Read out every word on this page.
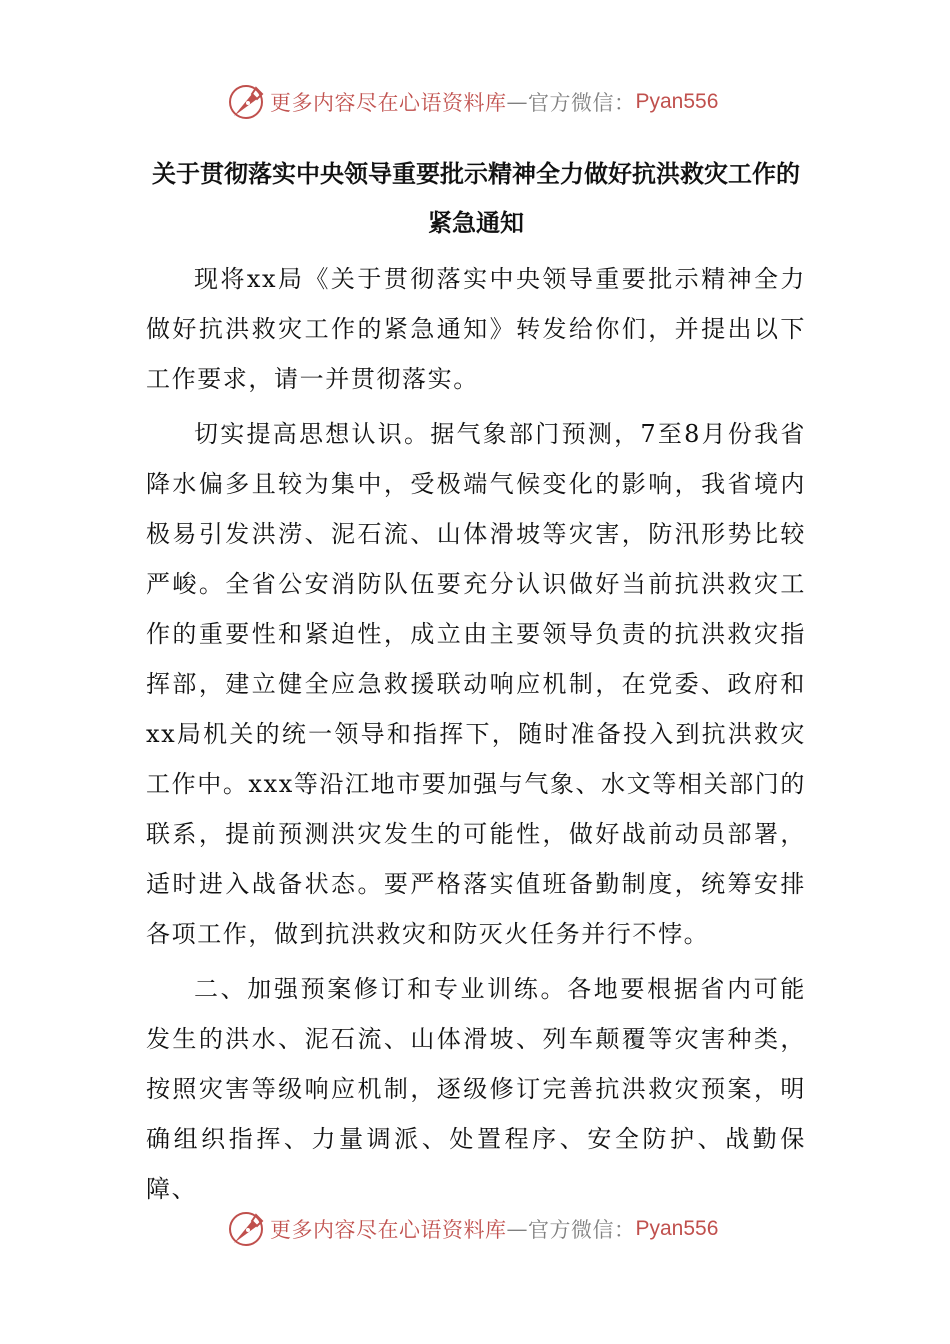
更多内容尽在心语资料库 — 官方微信： Pyan556
关于贯彻落实中央领导重要批示精神全力做好抗洪救灾工作的紧急通知

现将xx局《关于贯彻落实中央领导重要批示精神全力做好抗洪救灾工作的紧急通知》转发给你们，并提出以下工作要求，请一并贯彻落实。

切实提高思想认识。据气象部门预测，7至8月份我省降水偏多且较为集中，受极端气候变化的影响，我省境内极易引发洪涝、泥石流、山体滑坡等灾害，防汛形势比较严峻。全省公安消防队伍要充分认识做好当前抗洪救灾工作的重要性和紧迫性，成立由主要领导负责的抗洪救灾指挥部，建立健全应急救援联动响应机制，在党委、政府和xx局机关的统一领导和指挥下，随时准备投入到抗洪救灾工作中。xxx等沿江地市要加强与气象、水文等相关部门的联系，提前预测洪灾发生的可能性，做好战前动员部署，适时进入战备状态。要严格落实值班备勤制度，统筹安排各项工作，做到抗洪救灾和防灭火任务并行不悖。

二、加强预案修订和专业训练。各地要根据省内可能发生的洪水、泥石流、山体滑坡、列车颠覆等灾害种类，按照灾害等级响应机制，逐级修订完善抗洪救灾预案，明确组织指挥、力量调派、处置程序、安全防护、战勤保障、

更多内容尽在心语资料库 — 官方微信： Pyan556
